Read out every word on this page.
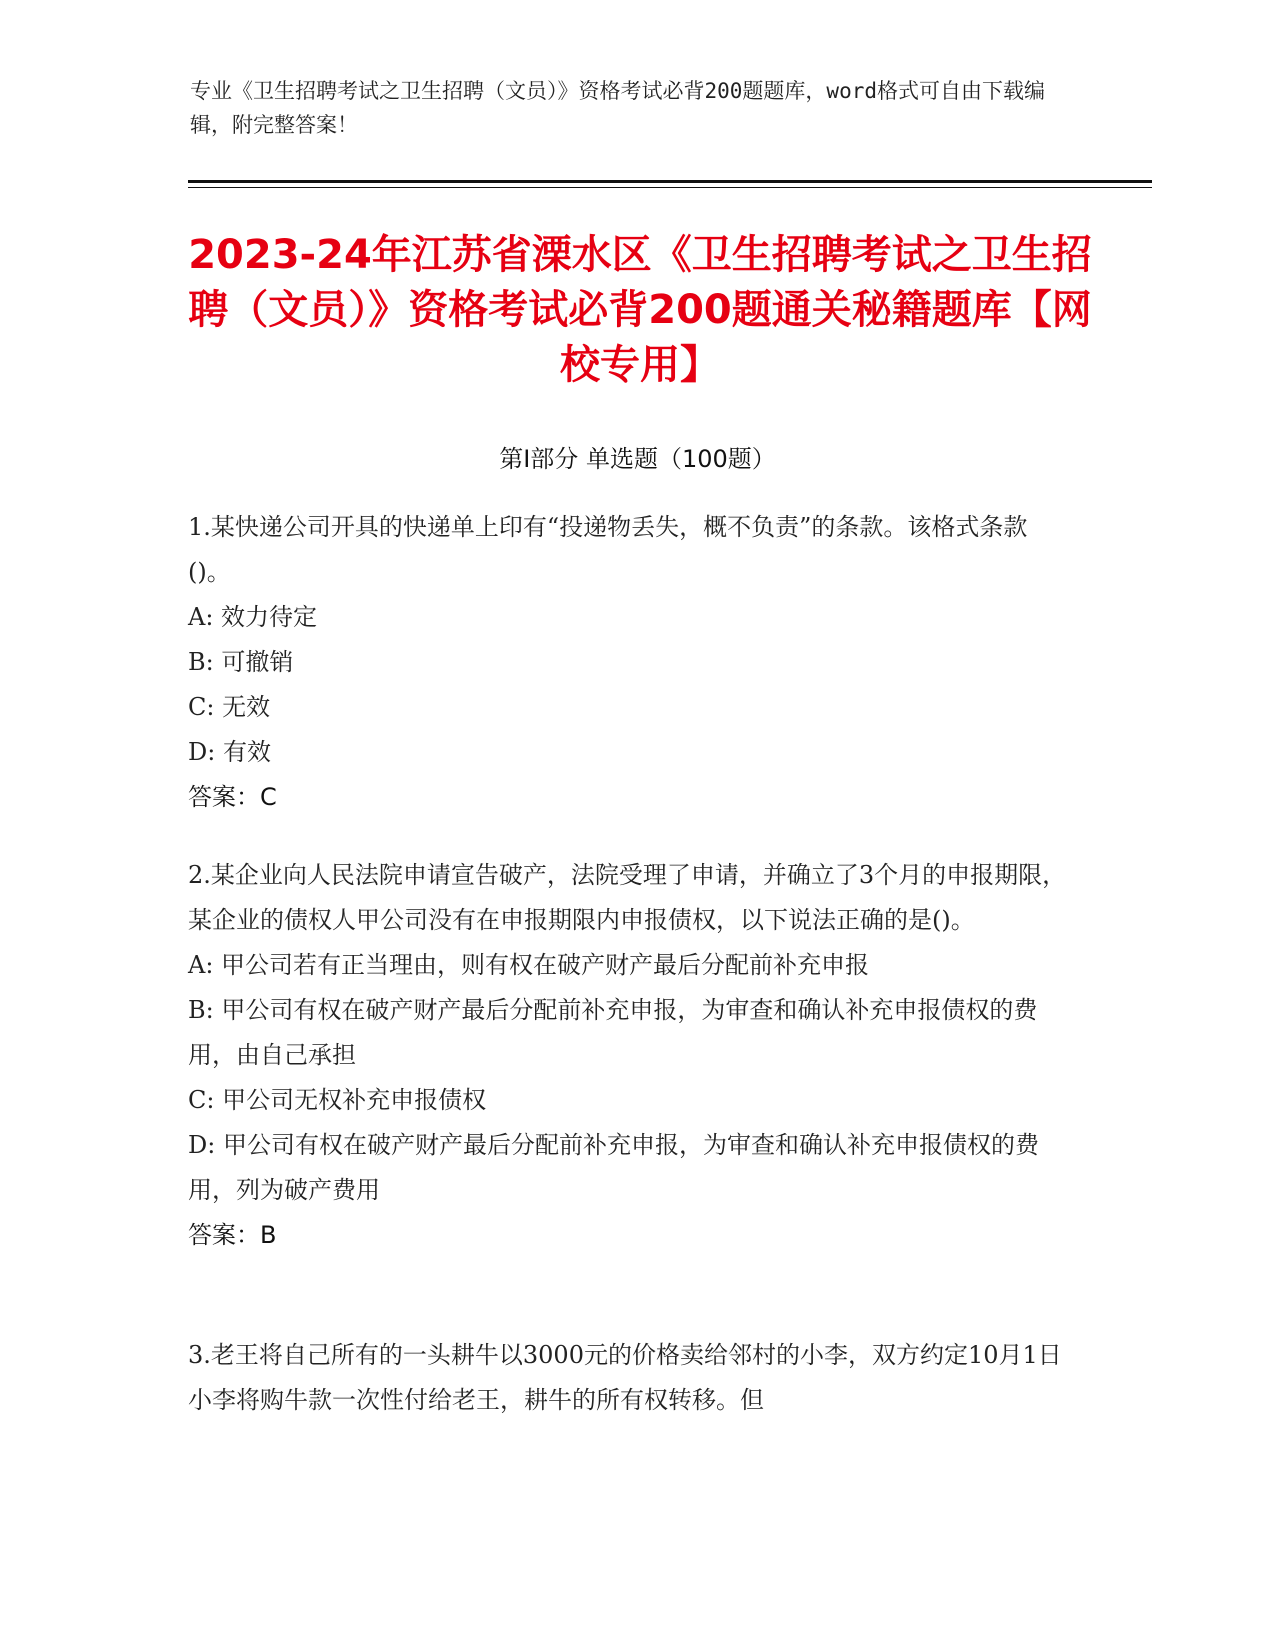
专业《卫生招聘考试之卫生招聘（文员）》资格考试必背200题题库，word格式可自由下载编辑，附完整答案！
2023-24年江苏省溧水区《卫生招聘考试之卫生招聘（文员）》资格考试必背200题通关秘籍题库【网校专用】
第Ⅰ部分 单选题（100题）

1.某快递公司开具的快递单上印有“投递物丢失，概不负责”的条款。该格式条款()。

A: 效力待定

B: 可撤销

C: 无效

D: 有效

答案：C

2.某企业向人民法院申请宣告破产，法院受理了申请，并确立了3个月的申报期限，某企业的债权人甲公司没有在申报期限内申报债权，以下说法正确的是()。

A: 甲公司若有正当理由，则有权在破产财产最后分配前补充申报

B: 甲公司有权在破产财产最后分配前补充申报，为审查和确认补充申报债权的费用，由自己承担

C: 甲公司无权补充申报债权

D: 甲公司有权在破产财产最后分配前补充申报，为审查和确认补充申报债权的费用，列为破产费用

答案：B

3.老王将自己所有的一头耕牛以3000元的价格卖给邻村的小李，双方约定10月1日小李将购牛款一次性付给老王，耕牛的所有权转移。但
